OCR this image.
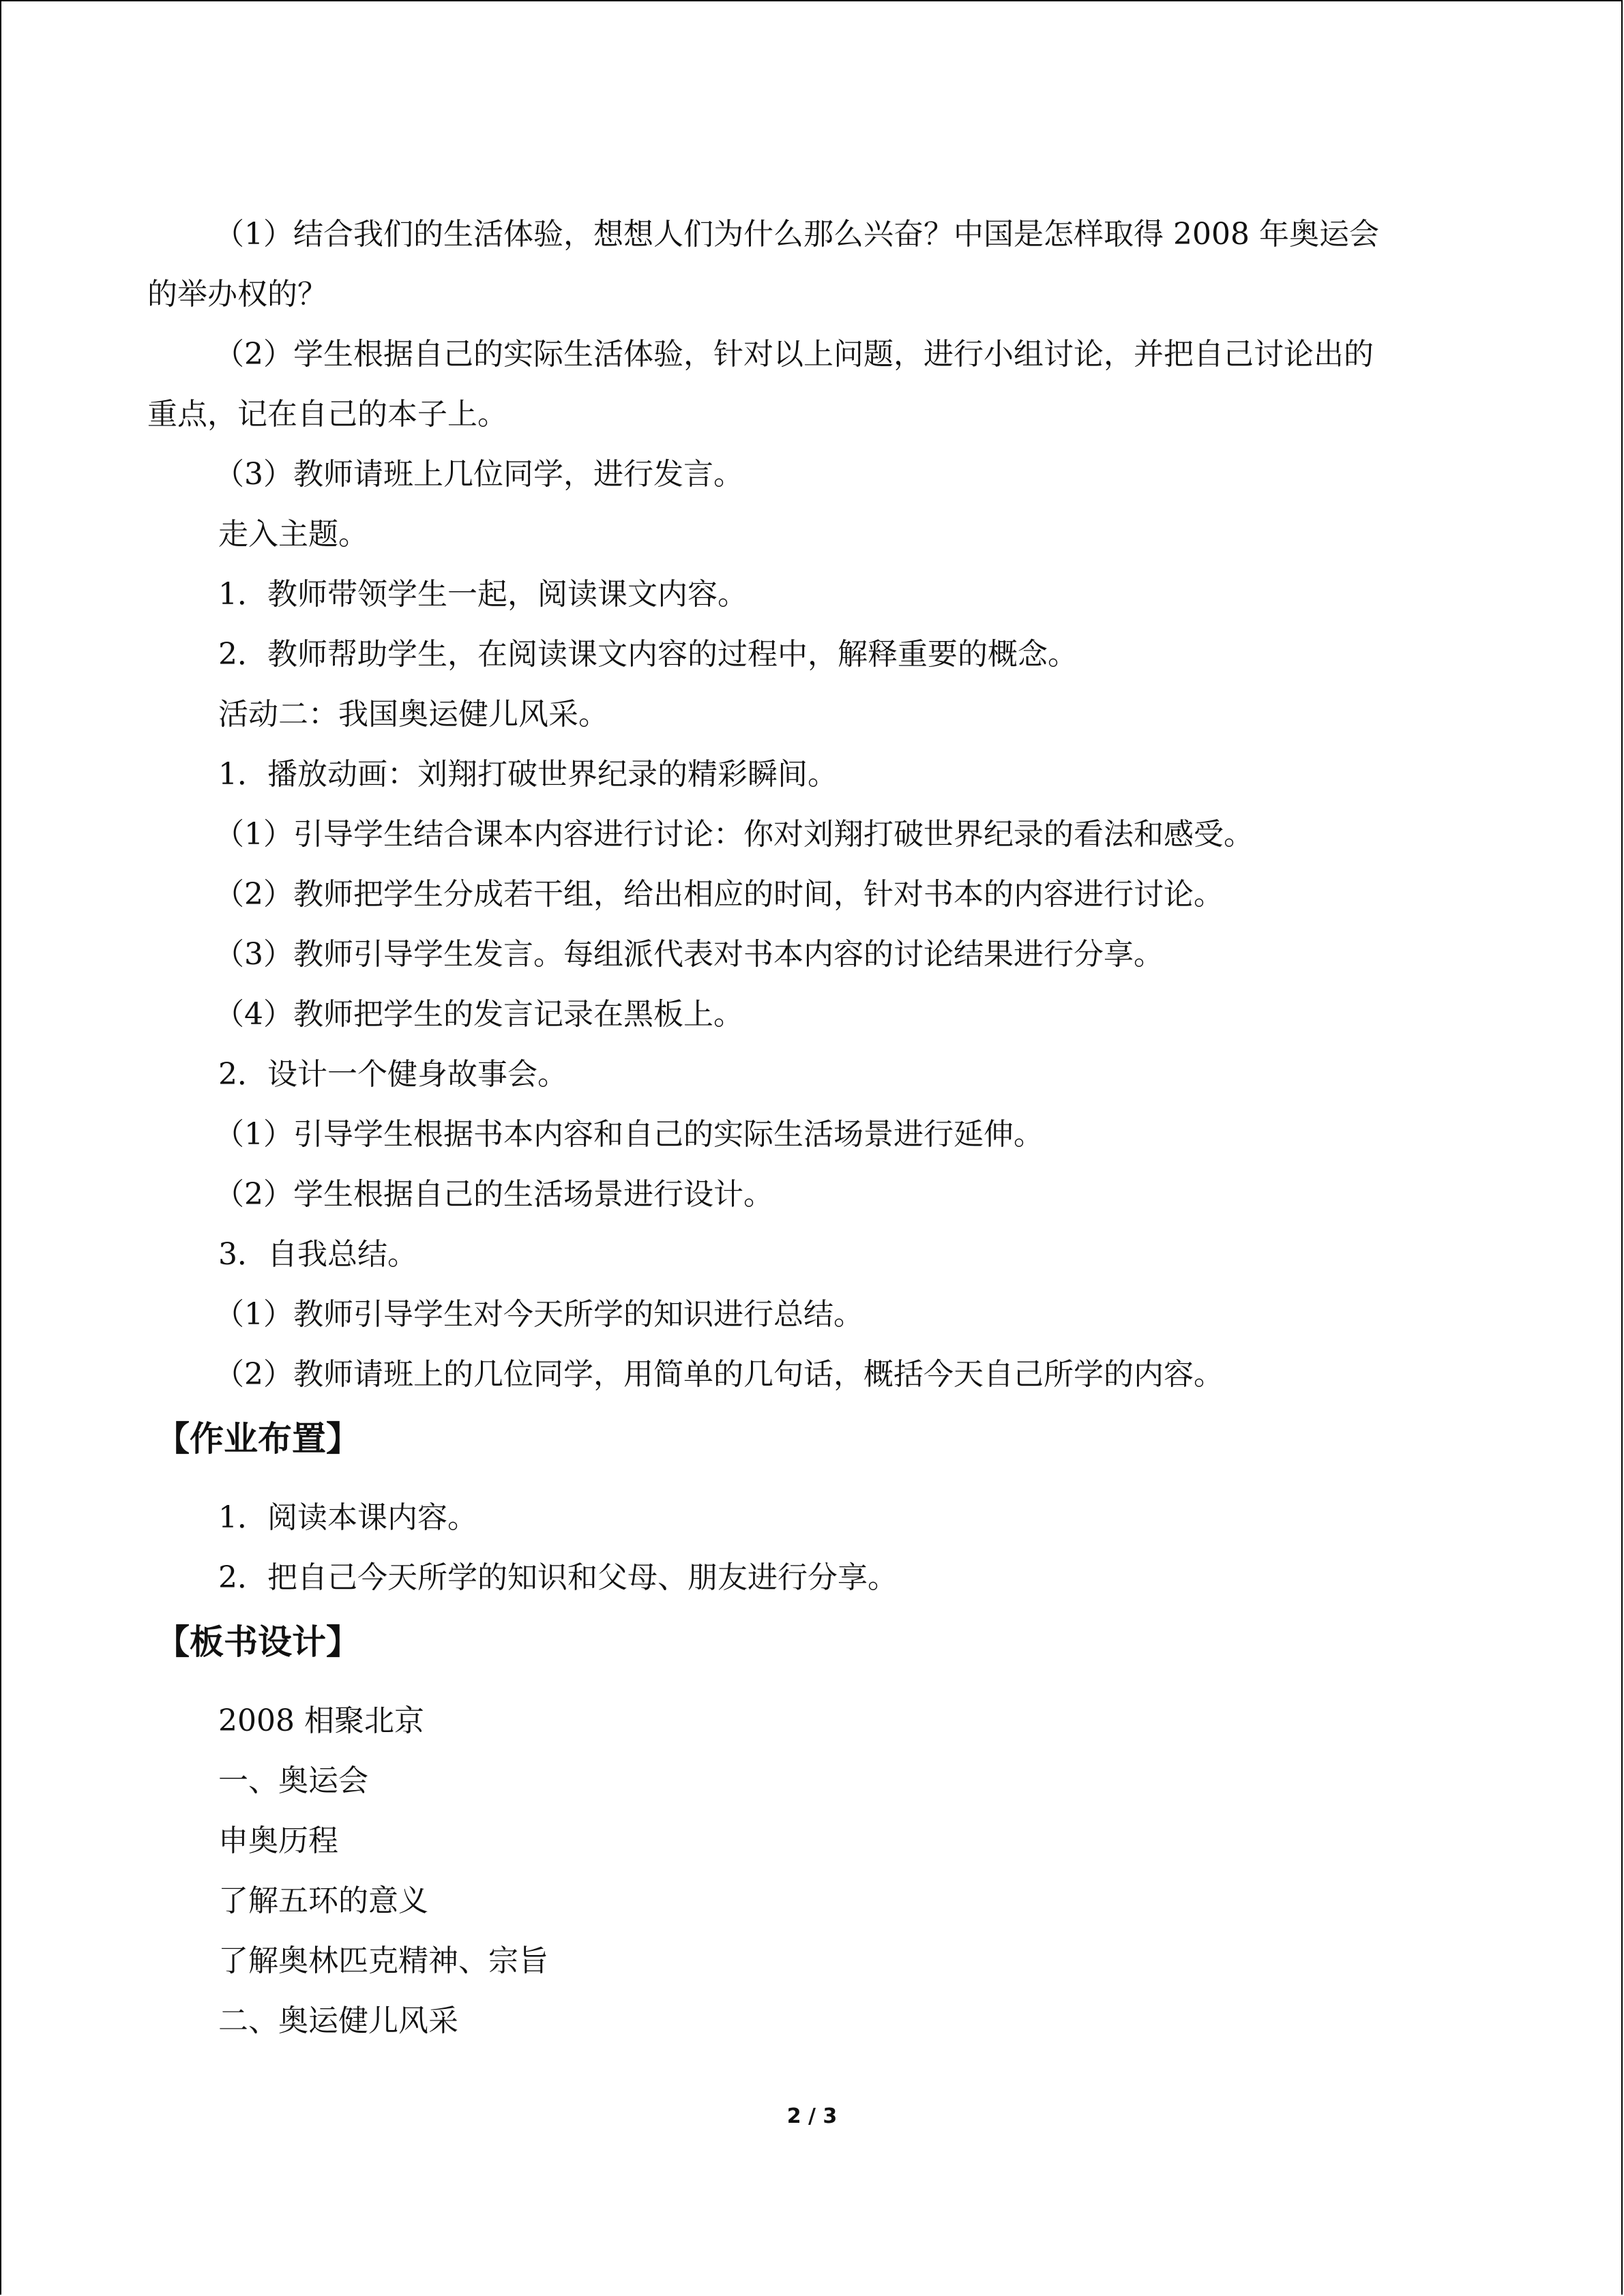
（1）结合我们的生活体验，想想人们为什么那么兴奋？中国是怎样取得 2008 年奥运会
的举办权的？
（2）学生根据自己的实际生活体验，针对以上问题，进行小组讨论，并把自己讨论出的
重点，记在自己的本子上。
（3）教师请班上几位同学，进行发言。
走入主题。
1．教师带领学生一起，阅读课文内容。
2．教师帮助学生，在阅读课文内容的过程中，解释重要的概念。
活动二：我国奥运健儿风采。
1．播放动画：刘翔打破世界纪录的精彩瞬间。
（1）引导学生结合课本内容进行讨论：你对刘翔打破世界纪录的看法和感受。
（2）教师把学生分成若干组，给出相应的时间，针对书本的内容进行讨论。
（3）教师引导学生发言。每组派代表对书本内容的讨论结果进行分享。
（4）教师把学生的发言记录在黑板上。
2．设计一个健身故事会。
（1）引导学生根据书本内容和自己的实际生活场景进行延伸。
（2）学生根据自己的生活场景进行设计。
3．自我总结。
（1）教师引导学生对今天所学的知识进行总结。
（2）教师请班上的几位同学，用简单的几句话，概括今天自己所学的内容。
【作业布置】
1．阅读本课内容。
2．把自己今天所学的知识和父母、朋友进行分享。
【板书设计】
2008 相聚北京
一、奥运会
申奥历程
了解五环的意义
了解奥林匹克精神、宗旨
二、奥运健儿风采
2 / 3
